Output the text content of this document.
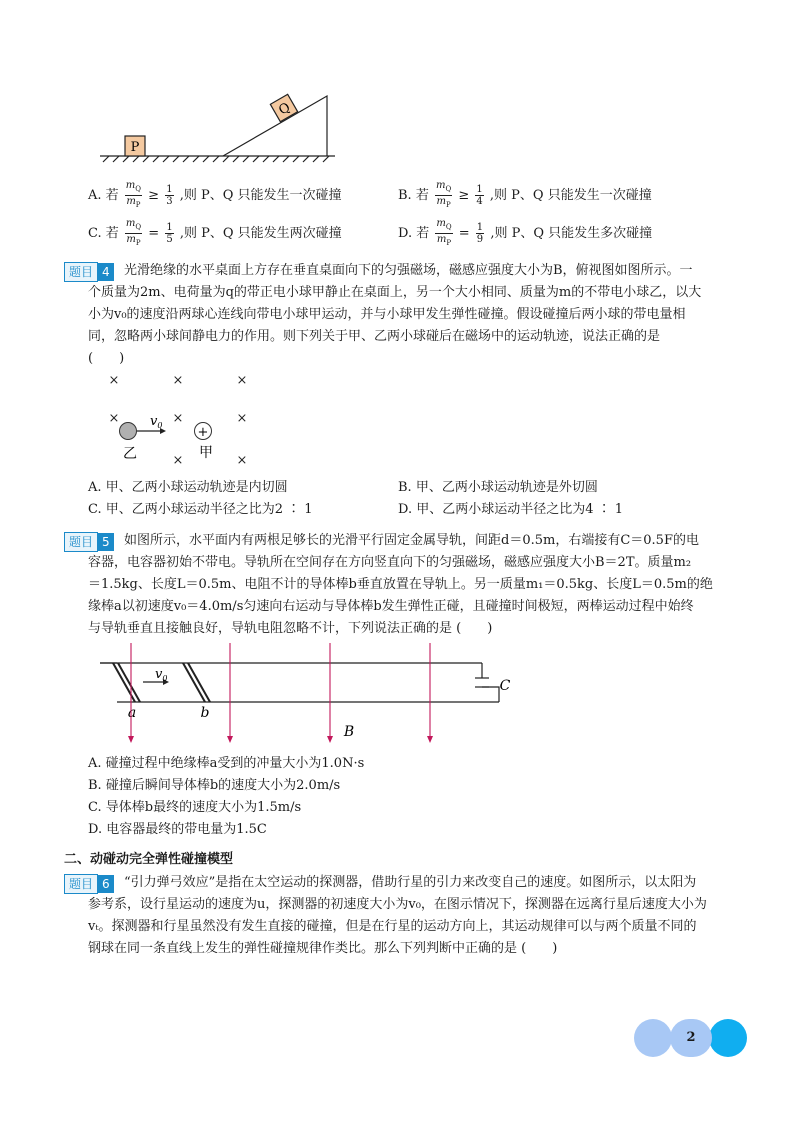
P
Q
A. 若 $\frac{m_Q}{m_P} \ge \frac{1}{3}$ ,则 P、Q 只能发生一次碰撞	B. 若 $\frac{m_Q}{m_P} \ge \frac{1}{4}$ ,则 P、Q 只能发生一次碰撞
C. 若 $\frac{m_Q}{m_P} = \frac{1}{5}$ ,则 P、Q 只能发生两次碰撞	D. 若 $\frac{m_Q}{m_P} = \frac{1}{9}$ ,则 P、Q 只能发生多次碰撞
题目 4	光滑绝缘的水平桌面上方存在垂直桌面向下的匀强磁场，磁感应强度大小为B，俯视图如图所示。一
个质量为2m、电荷量为q的带正电小球甲静止在桌面上，另一个大小相同、质量为m的不带电小球乙，以大
小为v₀的速度沿两球心连线向带电小球甲运动，并与小球甲发生弹性碰撞。假设碰撞后两小球的带电量相
同，忽略两小球间静电力的作用。则下列关于甲、乙两小球碰后在磁场中的运动轨迹，说法正确的是
(　　)
×	×	×
×	×	×
×	×
$v_0$	+
乙	甲
A. 甲、乙两小球运动轨迹是内切圆	B. 甲、乙两小球运动轨迹是外切圆
C. 甲、乙两小球运动半径之比为2 ∶ 1	D. 甲、乙两小球运动半径之比为4 ∶ 1
题目 5	如图所示，水平面内有两根足够长的光滑平行固定金属导轨，间距d＝0.5m，右端接有C＝0.5F的电
容器，电容器初始不带电。导轨所在空间存在方向竖直向下的匀强磁场，磁感应强度大小B＝2T。质量m₂
＝1.5kg、长度L＝0.5m、电阻不计的导体棒b垂直放置在导轨上。另一质量m₁＝0.5kg、长度L＝0.5m的绝
缘棒a以初速度v₀＝4.0m/s匀速向右运动与导体棒b发生弹性正碰，且碰撞时间极短，两棒运动过程中始终
与导轨垂直且接触良好，导轨电阻忽略不计，下列说法正确的是 (　　)
$v_0$
a	b
B
C
A. 碰撞过程中绝缘棒a受到的冲量大小为1.0N·s
B. 碰撞后瞬间导体棒b的速度大小为2.0m/s
C. 导体棒b最终的速度大小为1.5m/s
D. 电容器最终的带电量为1.5C
二、动碰动完全弹性碰撞模型
题目 6	“引力弹弓效应”是指在太空运动的探测器，借助行星的引力来改变自己的速度。如图所示，以太阳为
参考系，设行星运动的速度为u，探测器的初速度大小为v₀，在图示情况下，探测器在远离行星后速度大小为
vₜ。探测器和行星虽然没有发生直接的碰撞，但是在行星的运动方向上，其运动规律可以与两个质量不同的
钢球在同一条直线上发生的弹性碰撞规律作类比。那么下列判断中正确的是 (　　)
2
